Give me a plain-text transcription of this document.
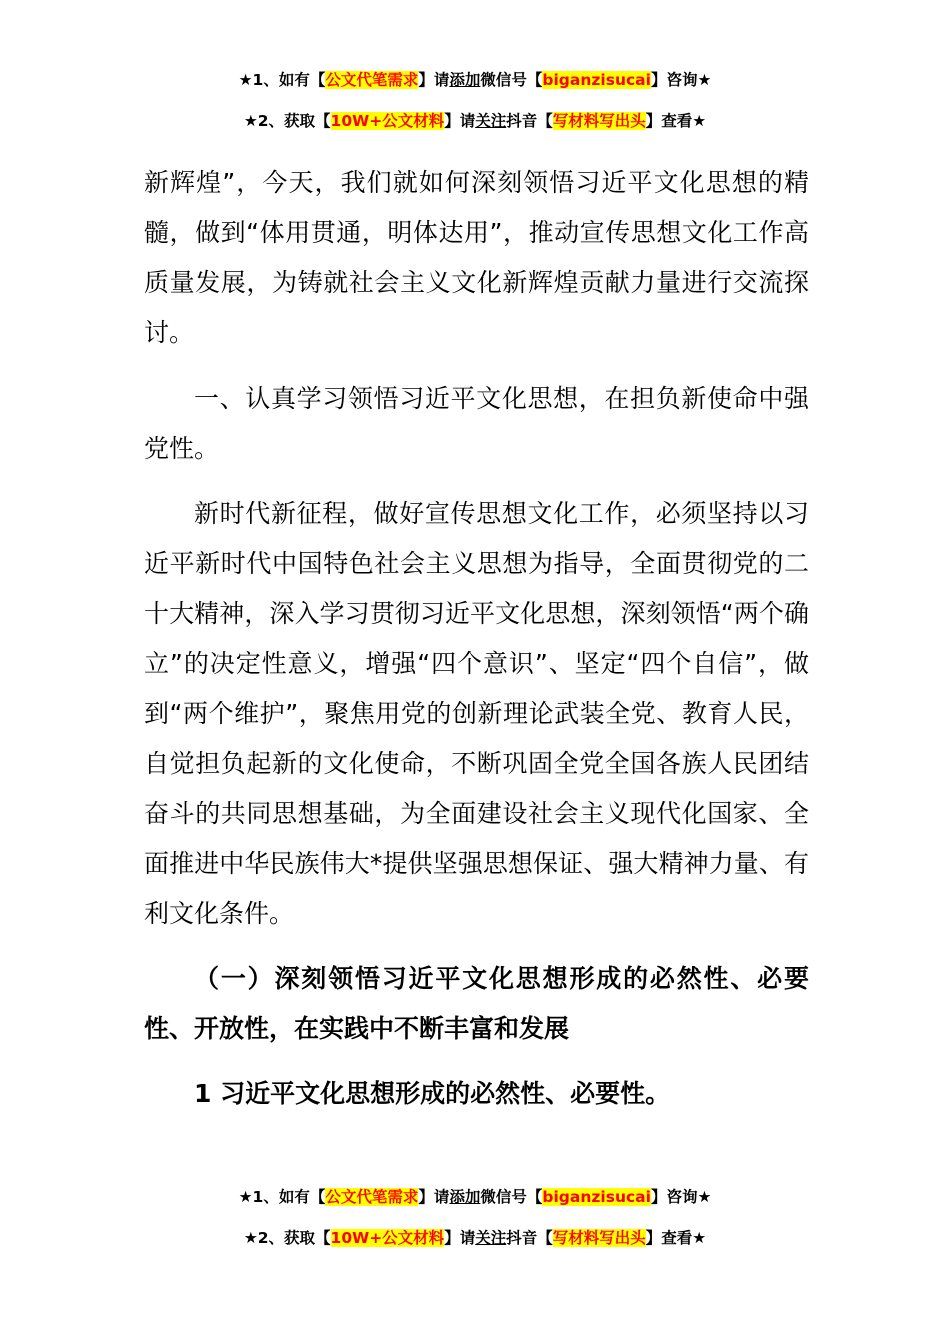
★1、如有【公文代笔需求】请添加微信号【biganzisucai】咨询★
★2、获取【10W+公文材料】请关注抖音【写材料写出头】查看★

新辉煌”，今天，我们就如何深刻领悟习近平文化思想的精髓，做到“体用贯通，明体达用”，推动宣传思想文化工作高质量发展，为铸就社会主义文化新辉煌贡献力量进行交流探讨。

一、认真学习领悟习近平文化思想，在担负新使命中强党性。

新时代新征程，做好宣传思想文化工作，必须坚持以习近平新时代中国特色社会主义思想为指导，全面贯彻党的二十大精神，深入学习贯彻习近平文化思想，深刻领悟“两个确立”的决定性意义，增强“四个意识”、坚定“四个自信”，做到“两个维护”，聚焦用党的创新理论武装全党、教育人民，自觉担负起新的文化使命，不断巩固全党全国各族人民团结奋斗的共同思想基础，为全面建设社会主义现代化国家、全面推进中华民族伟大*提供坚强思想保证、强大精神力量、有利文化条件。

（一）深刻领悟习近平文化思想形成的必然性、必要性、开放性，在实践中不断丰富和发展

1 习近平文化思想形成的必然性、必要性。

★1、如有【公文代笔需求】请添加微信号【biganzisucai】咨询★
★2、获取【10W+公文材料】请关注抖音【写材料写出头】查看★
